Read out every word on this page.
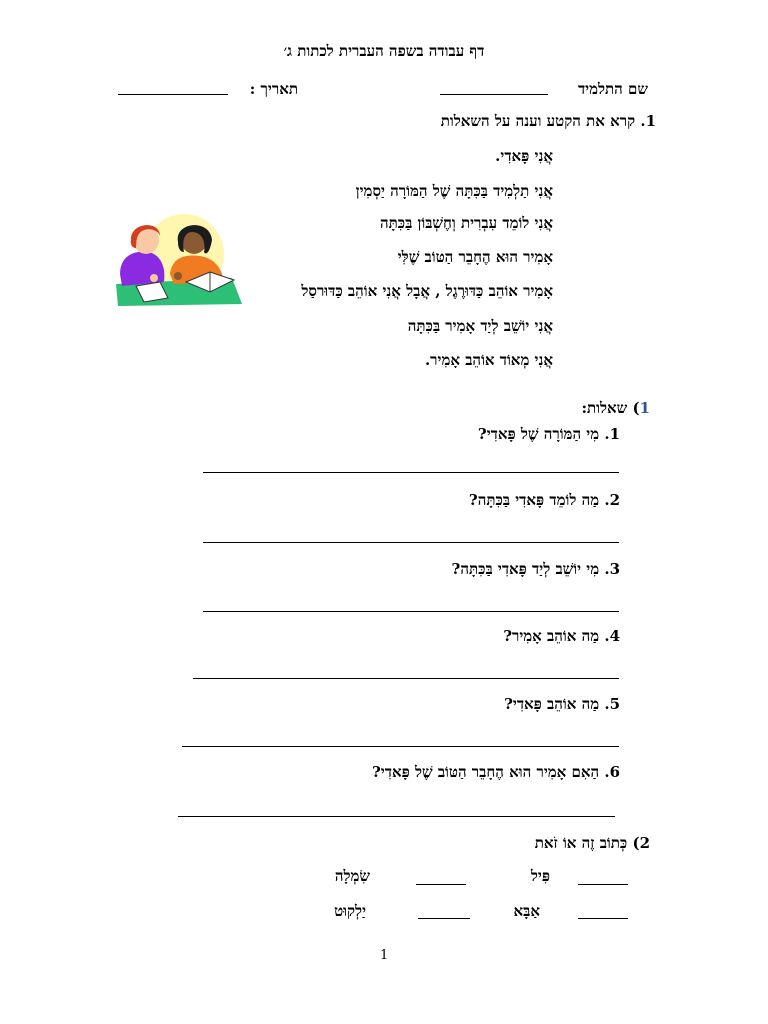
דף עבודה בשפה העברית לכתות ג׳
שם התלמיד
תאריך :
1. קרא את הקטע וענה על השאלות
אֲנִי פָּאדִי.
אֲנִי תַלְמִיד בַּכִּתָּה שֶׁל הַמּוֹרָה יַסְמִין
אֲנִי לוֹמֵד עִבְרִית וְחֶשְׁבּוֹן בַּכִּתָּה
אָמִיר הוּא הֶחָבֵר הַטּוֹב שֶׁלִּי
אָמִיר אוֹהֵב כַּדּוּרֶגֶל , אֲבָל אֲנִי אוֹהֵב כַּדּוּרסַל
אֲנִי יוֹשֵׁב לְיַד אָמִיר בַּכִּתָּה
אֲנִי מְאוֹד אוֹהֵב אָמִיר.
1) שאלות:
1. מִי הַמּוֹרָה שֶׁל פָּאדִי?
2. מַה לוֹמֵד פָּאדִי בַּכִּתָּה?
3. מִי יוֹשֵׁב לְיַד פָּאדִי בַּכִּתָּה?
4. מַה אוֹהֵב אָמִיר?
5. מַה אוֹהֵב פָּאדִי?
6. הַאִם אָמִיר הוּא הֶחָבֵר הַטּוֹב שֶׁל פָּאדִי?
2) כְּתוֹב זֶה אוֹ זֹאת
פִּיל
שִׂמְלָה
אַבָּא
יַלְקוּט
1
